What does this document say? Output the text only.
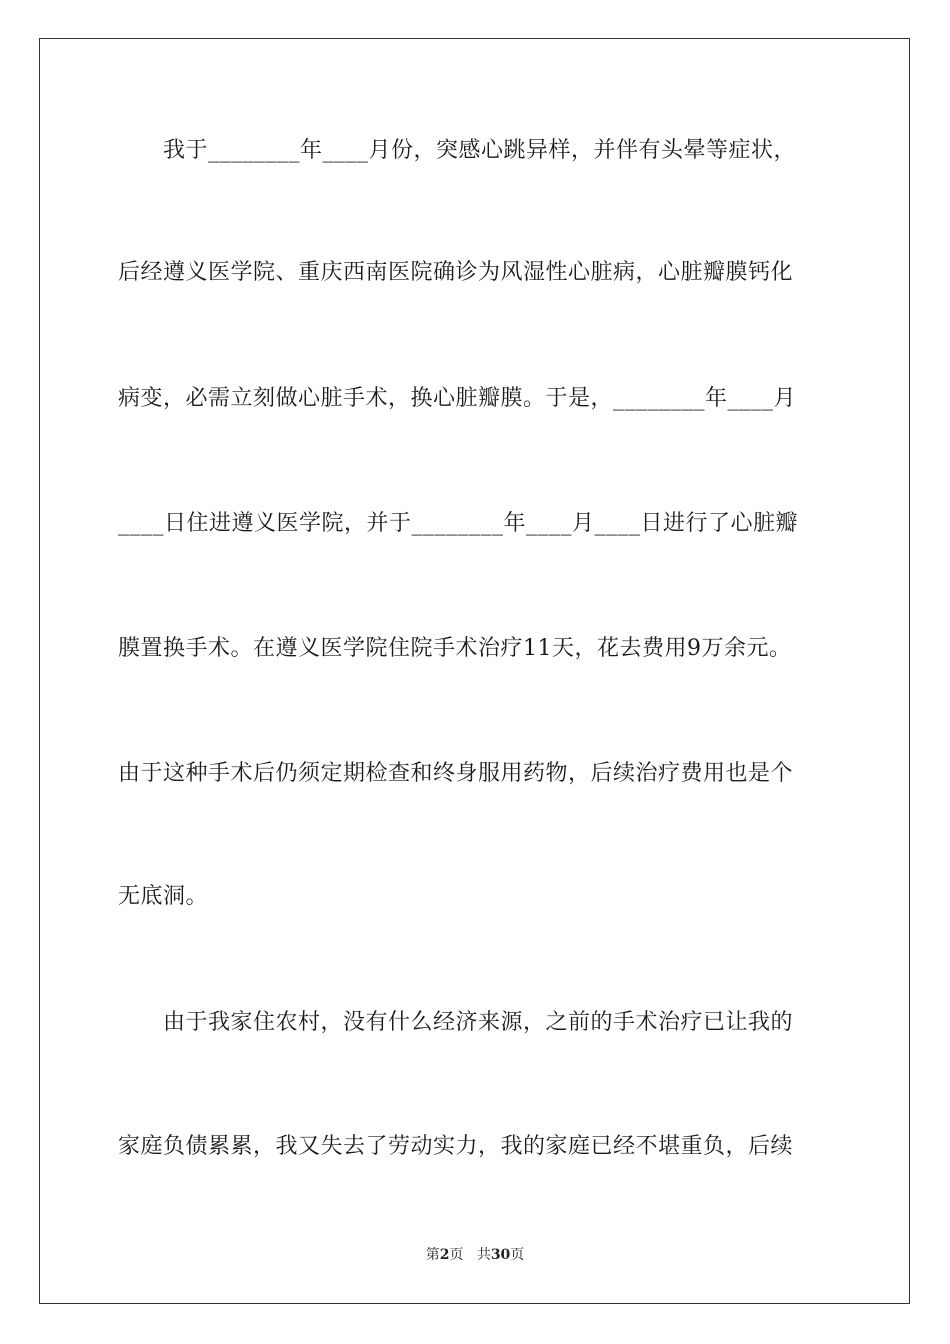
我于________年____月份，突感心跳异样，并伴有头晕等症状，
后经遵义医学院、重庆西南医院确诊为风湿性心脏病，心脏瓣膜钙化
病变，必需立刻做心脏手术，换心脏瓣膜。于是，________年____月
____日住进遵义医学院，并于________年____月____日进行了心脏瓣
膜置换手术。在遵义医学院住院手术治疗11天，花去费用9万余元。
由于这种手术后仍须定期检查和终身服用药物，后续治疗费用也是个
无底洞。
由于我家住农村，没有什么经济来源，之前的手术治疗已让我的
家庭负债累累，我又失去了劳动实力，我的家庭已经不堪重负，后续
第2页 共30页
